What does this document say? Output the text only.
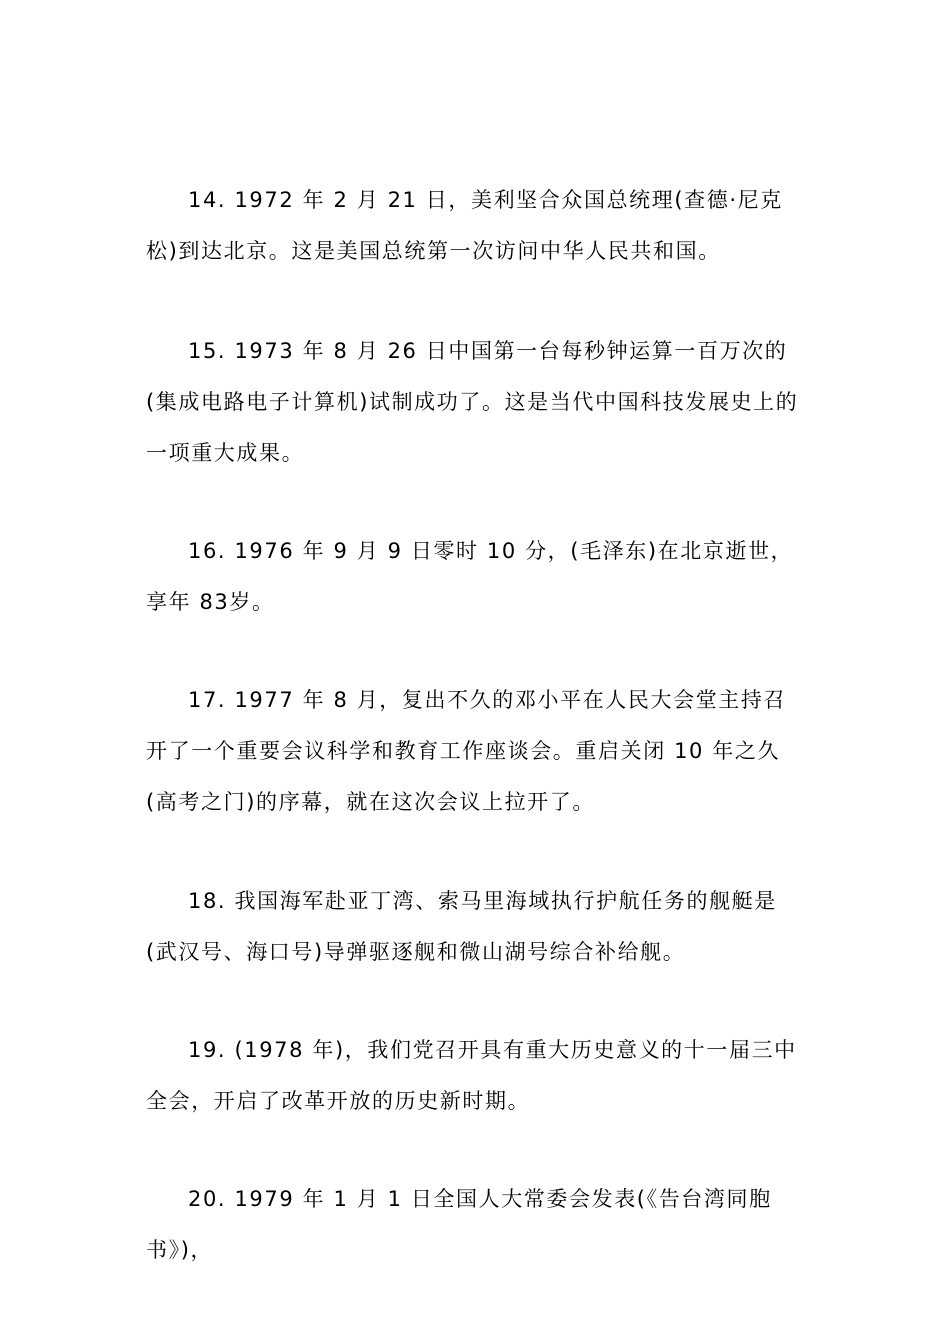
14. 1972 年 2 月 21 日，美利坚合众国总统理(查德·尼克松)到达北京。这是美国总统第一次访问中华人民共和国。

15. 1973 年 8 月 26 日中国第一台每秒钟运算一百万次的(集成电路电子计算机)试制成功了。这是当代中国科技发展史上的一项重大成果。

16. 1976 年 9 月 9 日零时 10 分，(毛泽东)在北京逝世，享年 83岁。

17. 1977 年 8 月，复出不久的邓小平在人民大会堂主持召开了一个重要会议科学和教育工作座谈会。重启关闭 10 年之久(高考之门)的序幕，就在这次会议上拉开了。

18. 我国海军赴亚丁湾、索马里海域执行护航任务的舰艇是(武汉号、海口号)导弹驱逐舰和微山湖号综合补给舰。

19. (1978 年)，我们党召开具有重大历史意义的十一届三中全会，开启了改革开放的历史新时期。

20. 1979 年 1 月 1 日全国人大常委会发表(《告台湾同胞书》)，
